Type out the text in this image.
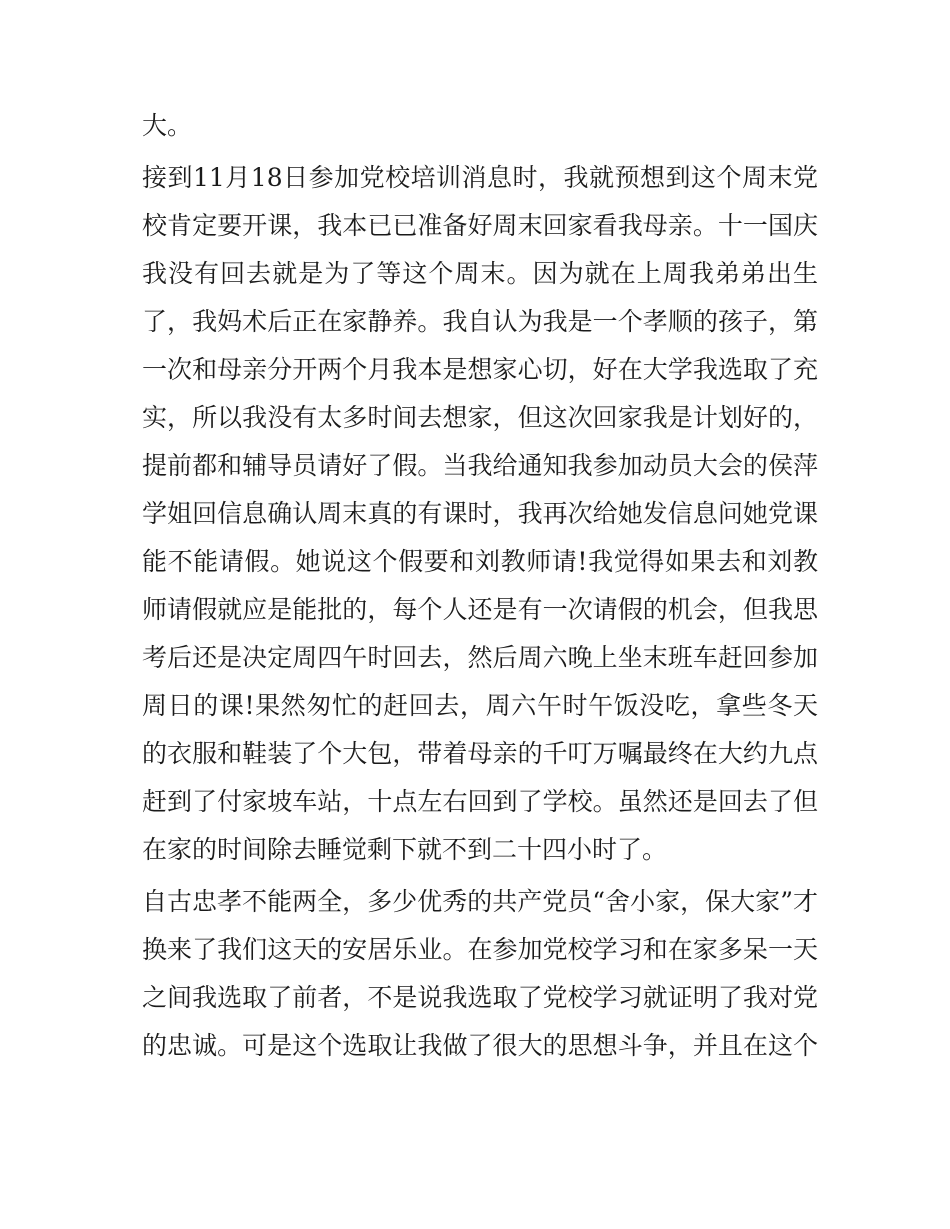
大。
接到11月18日参加党校培训消息时，我就预想到这个周末党
校肯定要开课，我本已已准备好周末回家看我母亲。十一国庆
我没有回去就是为了等这个周末。因为就在上周我弟弟出生
了，我妈术后正在家静养。我自认为我是一个孝顺的孩子，第
一次和母亲分开两个月我本是想家心切，好在大学我选取了充
实，所以我没有太多时间去想家，但这次回家我是计划好的，
提前都和辅导员请好了假。当我给通知我参加动员大会的侯萍
学姐回信息确认周末真的有课时，我再次给她发信息问她党课
能不能请假。她说这个假要和刘教师请!我觉得如果去和刘教
师请假就应是能批的，每个人还是有一次请假的机会，但我思
考后还是决定周四午时回去，然后周六晚上坐末班车赶回参加
周日的课!果然匆忙的赶回去，周六午时午饭没吃，拿些冬天
的衣服和鞋装了个大包，带着母亲的千叮万嘱最终在大约九点
赶到了付家坡车站，十点左右回到了学校。虽然还是回去了但
在家的时间除去睡觉剩下就不到二十四小时了。
自古忠孝不能两全，多少优秀的共产党员“舍小家，保大家”才
换来了我们这天的安居乐业。在参加党校学习和在家多呆一天
之间我选取了前者，不是说我选取了党校学习就证明了我对党
的忠诚。可是这个选取让我做了很大的思想斗争，并且在这个
